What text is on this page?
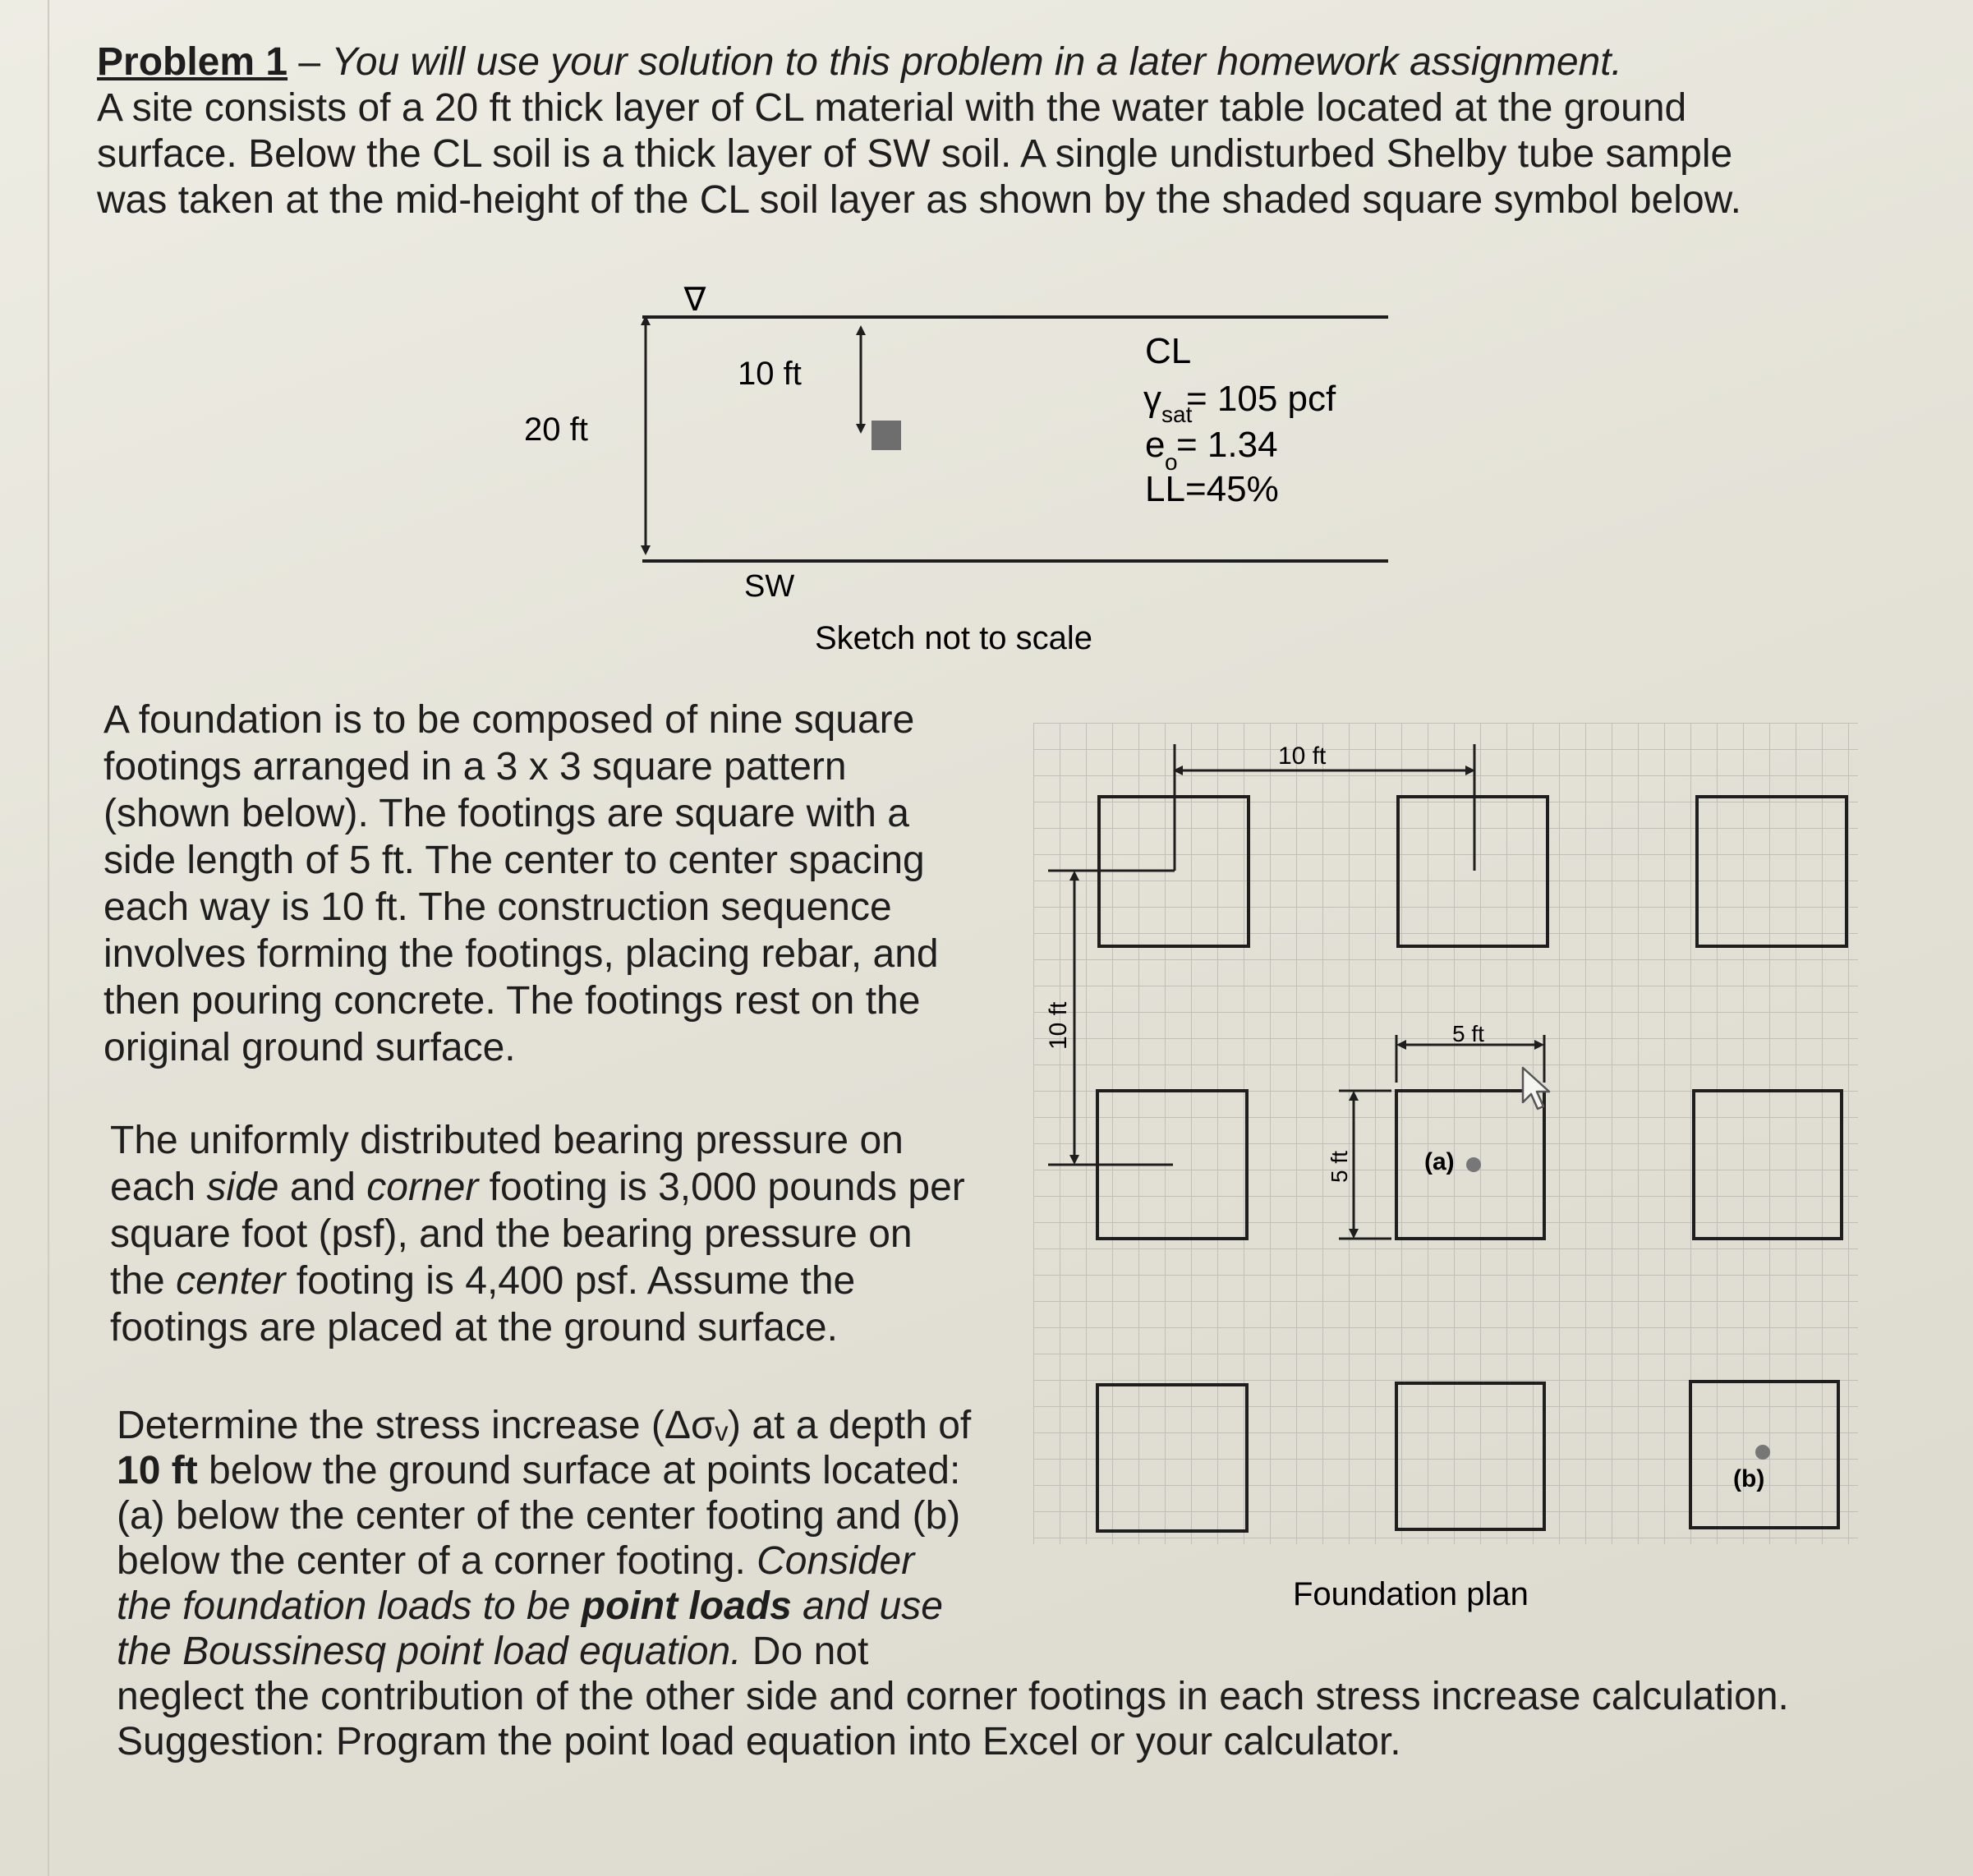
Problem 1 – You will use your solution to this problem in a later homework assignment.
A site consists of a 20 ft thick layer of CL material with the water table located at the ground
surface. Below the CL soil is a thick layer of SW soil. A single undisturbed Shelby tube sample
was taken at the mid-height of the CL soil layer as shown by the shaded square symbol below.
∇
20 ft
10 ft
CL
γ sat
= 105 pcf
e o
= 1.34
LL=45%
SW
Sketch not to scale
A foundation is to be composed of nine square
footings arranged in a 3 x 3 square pattern
(shown below). The footings are square with a
side length of 5 ft. The center to center spacing
each way is 10 ft. The construction sequence
involves forming the footings, placing rebar, and
then pouring concrete. The footings rest on the
original ground surface.
The uniformly distributed bearing pressure on
each side and corner footing is 3,000 pounds per
square foot (psf), and the bearing pressure on
the center footing is 4,400 psf. Assume the
footings are placed at the ground surface.
Determine the stress increase (Δσᵥ) at a depth of
10 ft below the ground surface at points located:
(a) below the center of the center footing and (b)
below the center of a corner footing. Consider
the foundation loads to be point loads and use
the Boussinesq point load equation. Do not
neglect the contribution of the other side and corner footings in each stress increase calculation.
Suggestion: Program the point load equation into Excel or your calculator.
10 ft
10 ft	5 ft
5 ft	(a)
(b)
Foundation plan
